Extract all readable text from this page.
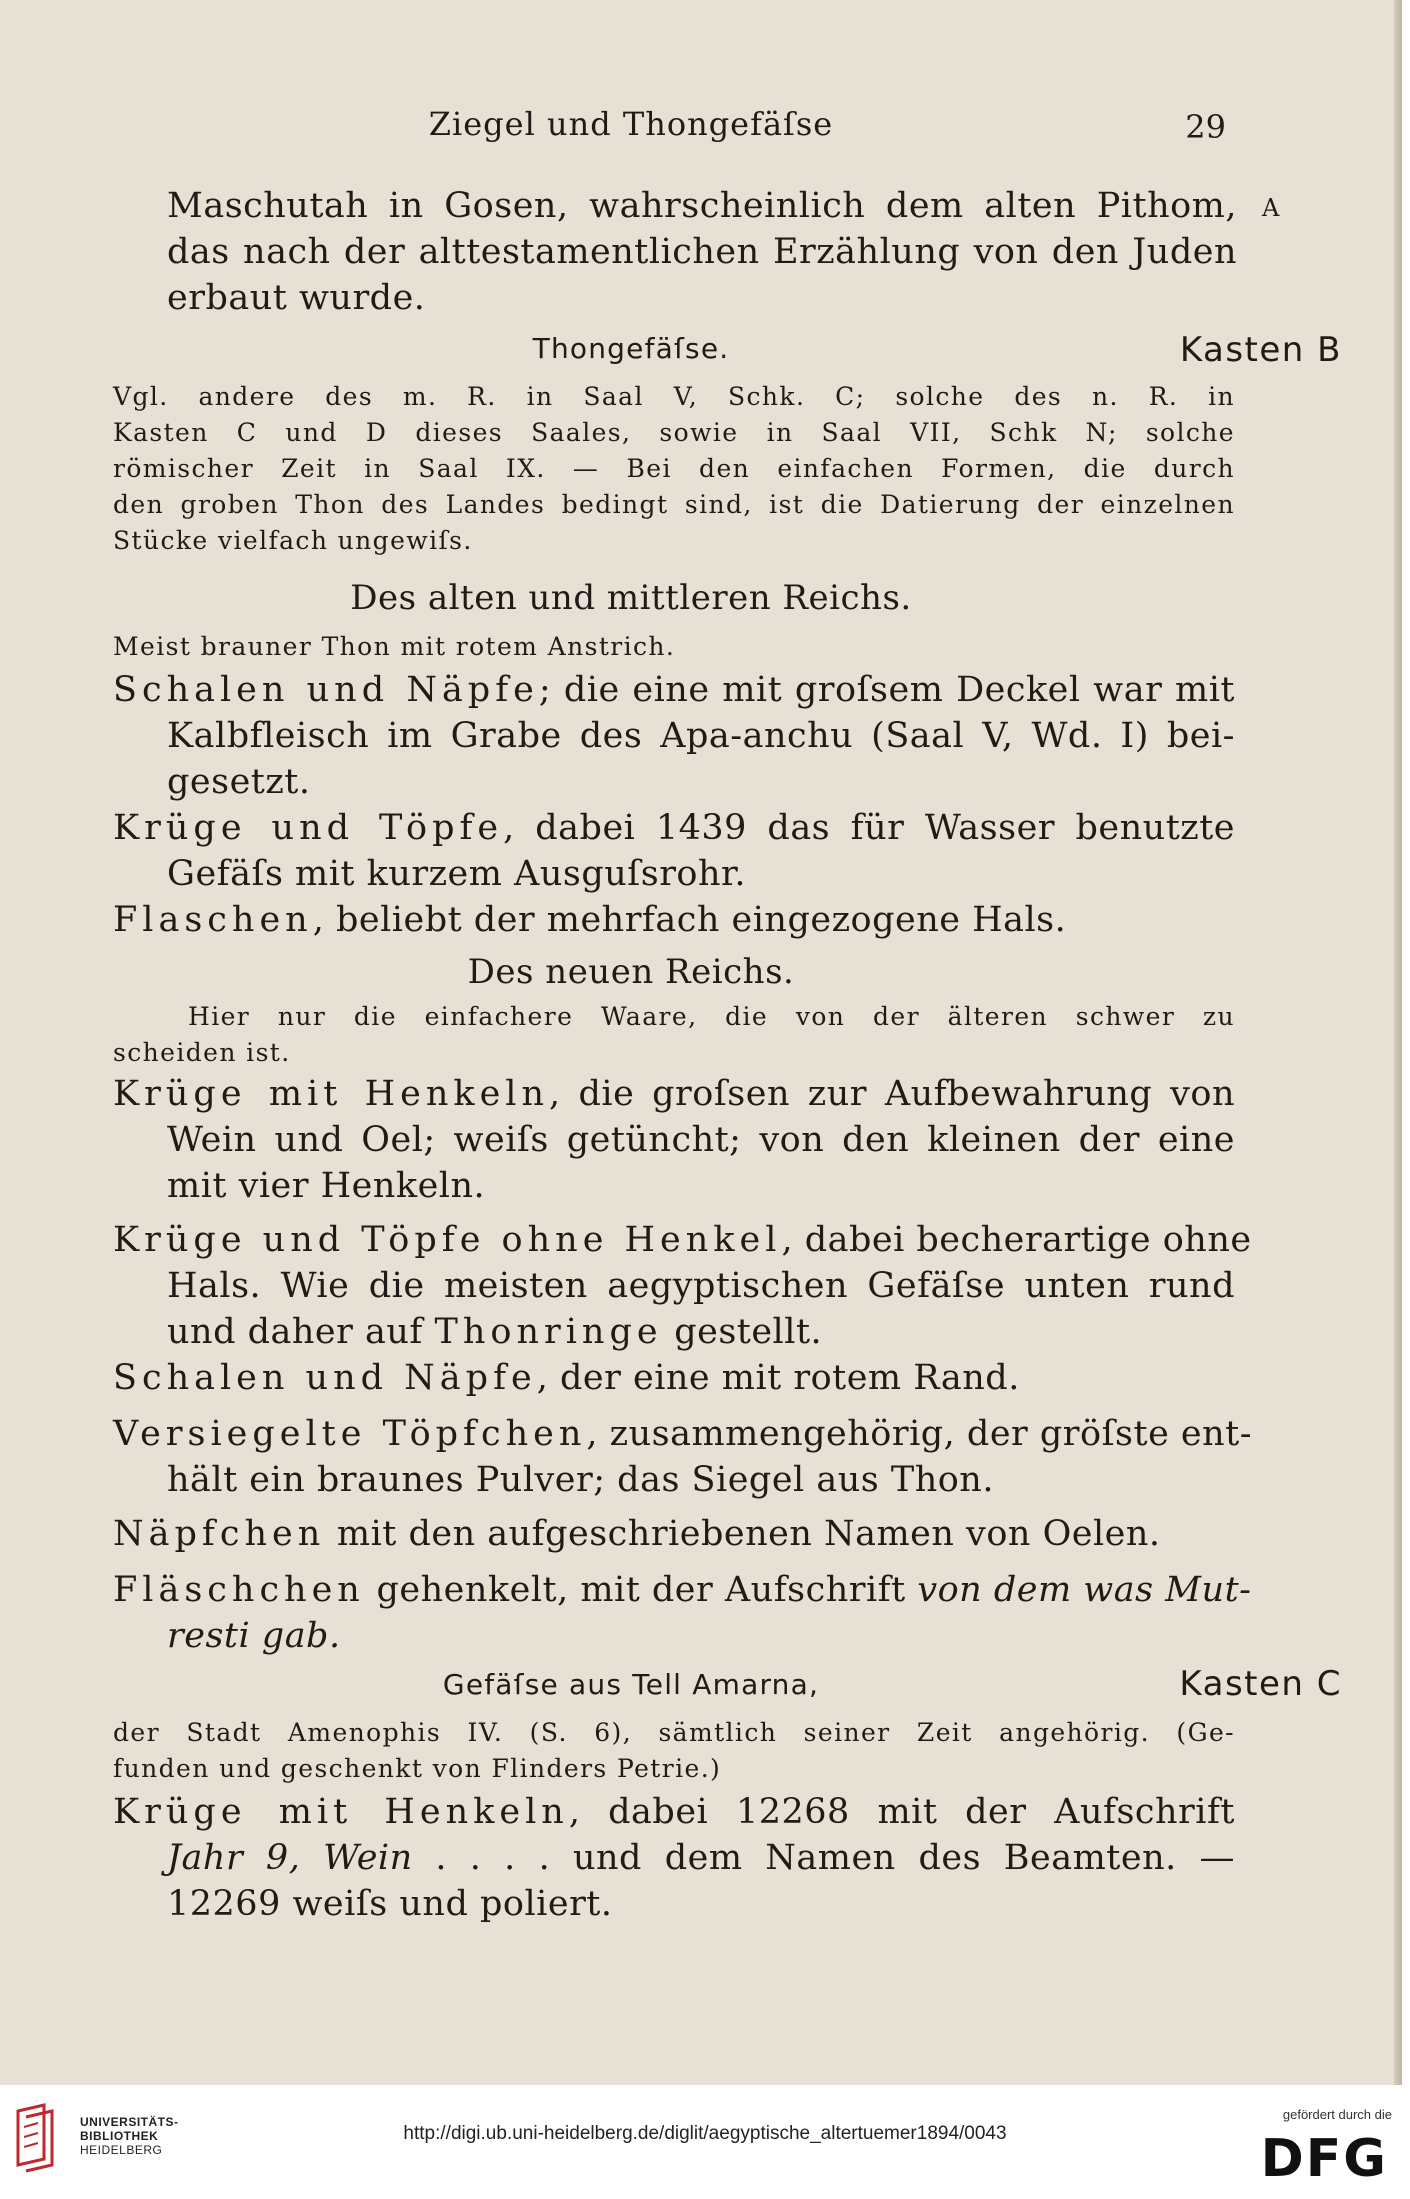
Ziegel und Thongefäſse	29
Maschutah in Gosen, wahrscheinlich dem alten Pithom, A
das nach der alttestamentlichen Erzählung von den Juden
erbaut wurde.
Thongefäſse.	Kasten B
Vgl. andere des m. R. in Saal V, Schk. C; solche des n. R. in
Kasten C und D dieses Saales, sowie in Saal VII, Schk N; solche
römischer Zeit in Saal IX. — Bei den einfachen Formen, die durch
den groben Thon des Landes bedingt sind, ist die Datierung der einzelnen
Stücke vielfach ungewiſs.
Des alten und mittleren Reichs.
Meist brauner Thon mit rotem Anstrich.
Schalen und Näpfe; die eine mit groſsem Deckel war mit
Kalbfleisch im Grabe des Apa-anchu (Saal V, Wd. I) bei-
gesetzt.
Krüge und Töpfe, dabei 1439 das für Wasser benutzte
Gefäſs mit kurzem Ausguſsrohr.
Flaschen, beliebt der mehrfach eingezogene Hals.
Des neuen Reichs.
Hier nur die einfachere Waare, die von der älteren schwer zu
scheiden ist.
Krüge mit Henkeln, die groſsen zur Aufbewahrung von
Wein und Oel; weiſs getüncht; von den kleinen der eine
mit vier Henkeln.
Krüge und Töpfe ohne Henkel, dabei becherartige ohne
Hals. Wie die meisten aegyptischen Gefäſse unten rund
und daher auf Thonringe gestellt.
Schalen und Näpfe, der eine mit rotem Rand.
Versiegelte Töpfchen, zusammengehörig, der gröſste ent-
hält ein braunes Pulver; das Siegel aus Thon.
Näpfchen mit den aufgeschriebenen Namen von Oelen.
Fläschchen gehenkelt, mit der Aufschrift von dem was Mut-
resti gab.
Gefäſse aus Tell Amarna,	Kasten C
der Stadt Amenophis IV. (S. 6), sämtlich seiner Zeit angehörig. (Ge-
funden und geschenkt von Flinders Petrie.)
Krüge mit Henkeln, dabei 12268 mit der Aufschrift
Jahr 9, Wein . . . . und dem Namen des Beamten. —
12269 weiſs und poliert.
UNIVERSITÄTS-
BIBLIOTHEK
HEIDELBERG
http://digi.ub.uni-heidelberg.de/diglit/aegyptische_altertuemer1894/0043
gefördert durch die
DFG
